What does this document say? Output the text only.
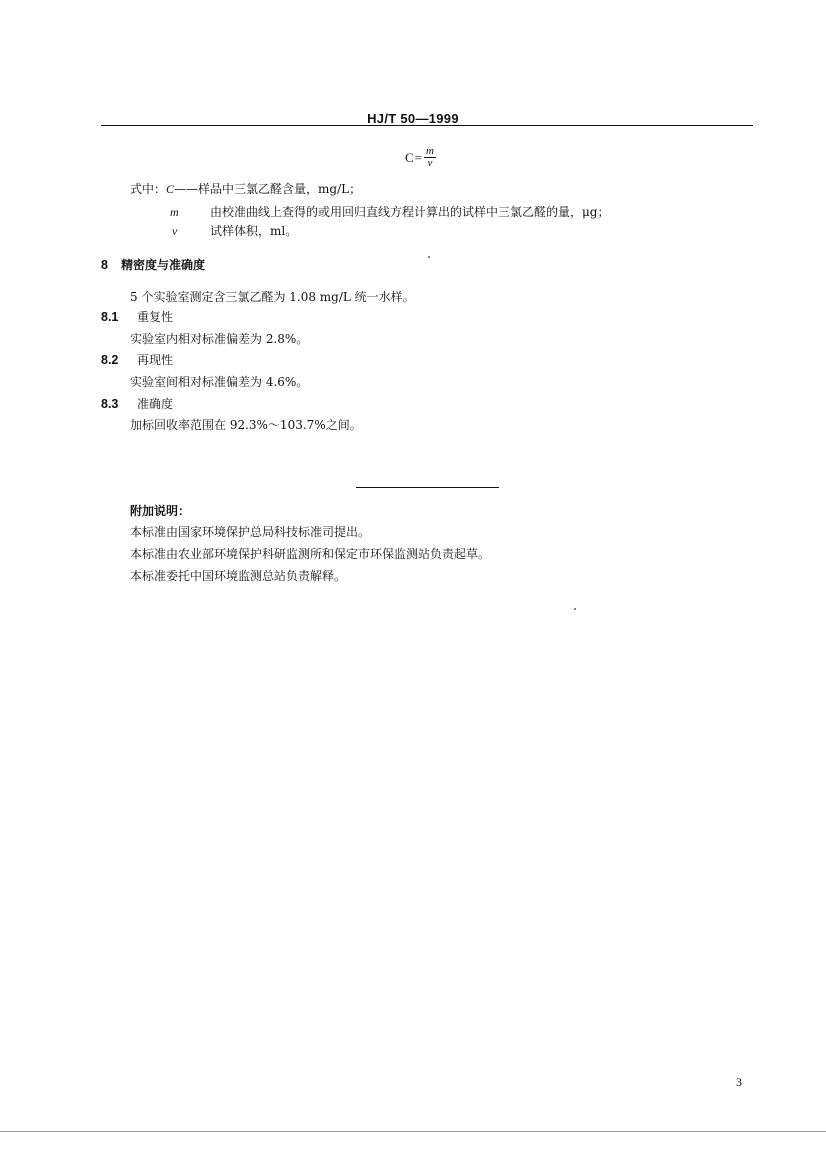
HJ/T 50—1999
$C = \frac{m}{v}$
式中：C——样品中三氯乙醛含量，mg/L；
m	由校准曲线上查得的或用回归直线方程计算出的试样中三氯乙醛的量，μg；
v	试样体积，ml。
8 精密度与准确度
5 个实验室测定含三氯乙醛为 1.08 mg/L 统一水样。
8.1 重复性
实验室内相对标准偏差为 2.8%。
8.2 再现性
实验室间相对标准偏差为 4.6%。
8.3 准确度
加标回收率范围在 92.3%～103.7%之间。
附加说明：
本标准由国家环境保护总局科技标准司提出。
本标准由农业部环境保护科研监测所和保定市环保监测站负责起草。
本标准委托中国环境监测总站负责解释。
3
